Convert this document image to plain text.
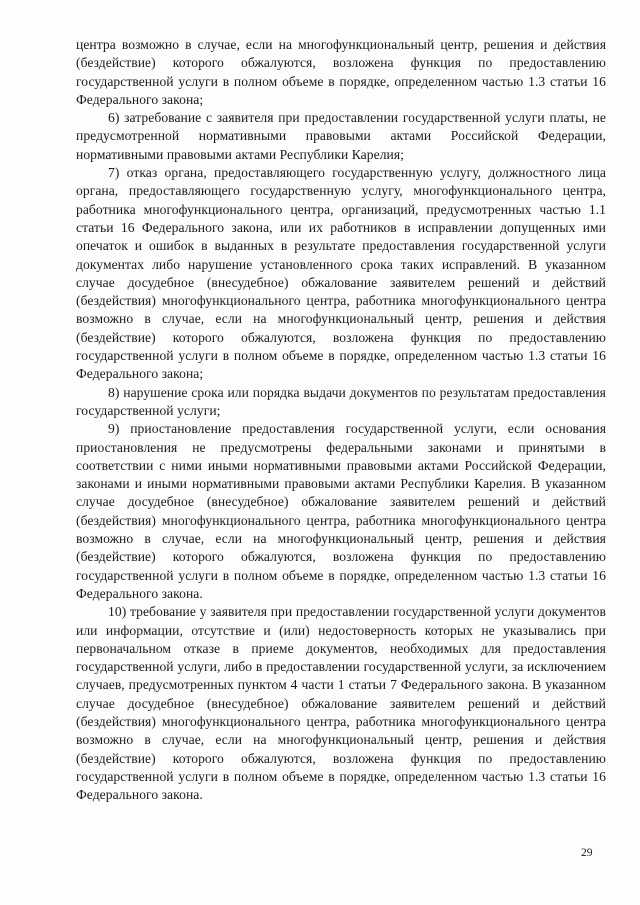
центра возможно в случае, если на многофункциональный центр, решения и действия (бездействие) которого обжалуются, возложена функция по предоставлению государственной услуги в полном объеме в порядке, определенном частью 1.3 статьи 16 Федерального закона;

6) затребование с заявителя при предоставлении государственной услуги платы, не предусмотренной нормативными правовыми актами Российской Федерации, нормативными правовыми актами Республики Карелия;

7) отказ органа, предоставляющего государственную услугу, должностного лица органа, предоставляющего государственную услугу, многофункционального центра, работника многофункционального центра, организаций, предусмотренных частью 1.1 статьи 16 Федерального закона, или их работников в исправлении допущенных ими опечаток и ошибок в выданных в результате предоставления государственной услуги документах либо нарушение установленного срока таких исправлений. В указанном случае досудебное (внесудебное) обжалование заявителем решений и действий (бездействия) многофункционального центра, работника многофункционального центра возможно в случае, если на многофункциональный центр, решения и действия (бездействие) которого обжалуются, возложена функция по предоставлению государственной услуги в полном объеме в порядке, определенном частью 1.3 статьи 16 Федерального закона;

8) нарушение срока или порядка выдачи документов по результатам предоставления государственной услуги;

9) приостановление предоставления государственной услуги, если основания приостановления не предусмотрены федеральными законами и принятыми в соответствии с ними иными нормативными правовыми актами Российской Федерации, законами и иными нормативными правовыми актами Республики Карелия. В указанном случае досудебное (внесудебное) обжалование заявителем решений и действий (бездействия) многофункционального центра, работника многофункционального центра возможно в случае, если на многофункциональный центр, решения и действия (бездействие) которого обжалуются, возложена функция по предоставлению государственной услуги в полном объеме в порядке, определенном частью 1.3 статьи 16 Федерального закона.

10) требование у заявителя при предоставлении государственной услуги документов или информации, отсутствие и (или) недостоверность которых не указывались при первоначальном отказе в приеме документов, необходимых для предоставления государственной услуги, либо в предоставлении государственной услуги, за исключением случаев, предусмотренных пунктом 4 части 1 статьи 7 Федерального закона. В указанном случае досудебное (внесудебное) обжалование заявителем решений и действий (бездействия) многофункционального центра, работника многофункционального центра возможно в случае, если на многофункциональный центр, решения и действия (бездействие) которого обжалуются, возложена функция по предоставлению государственной услуги в полном объеме в порядке, определенном частью 1.3 статьи 16 Федерального закона.

29
